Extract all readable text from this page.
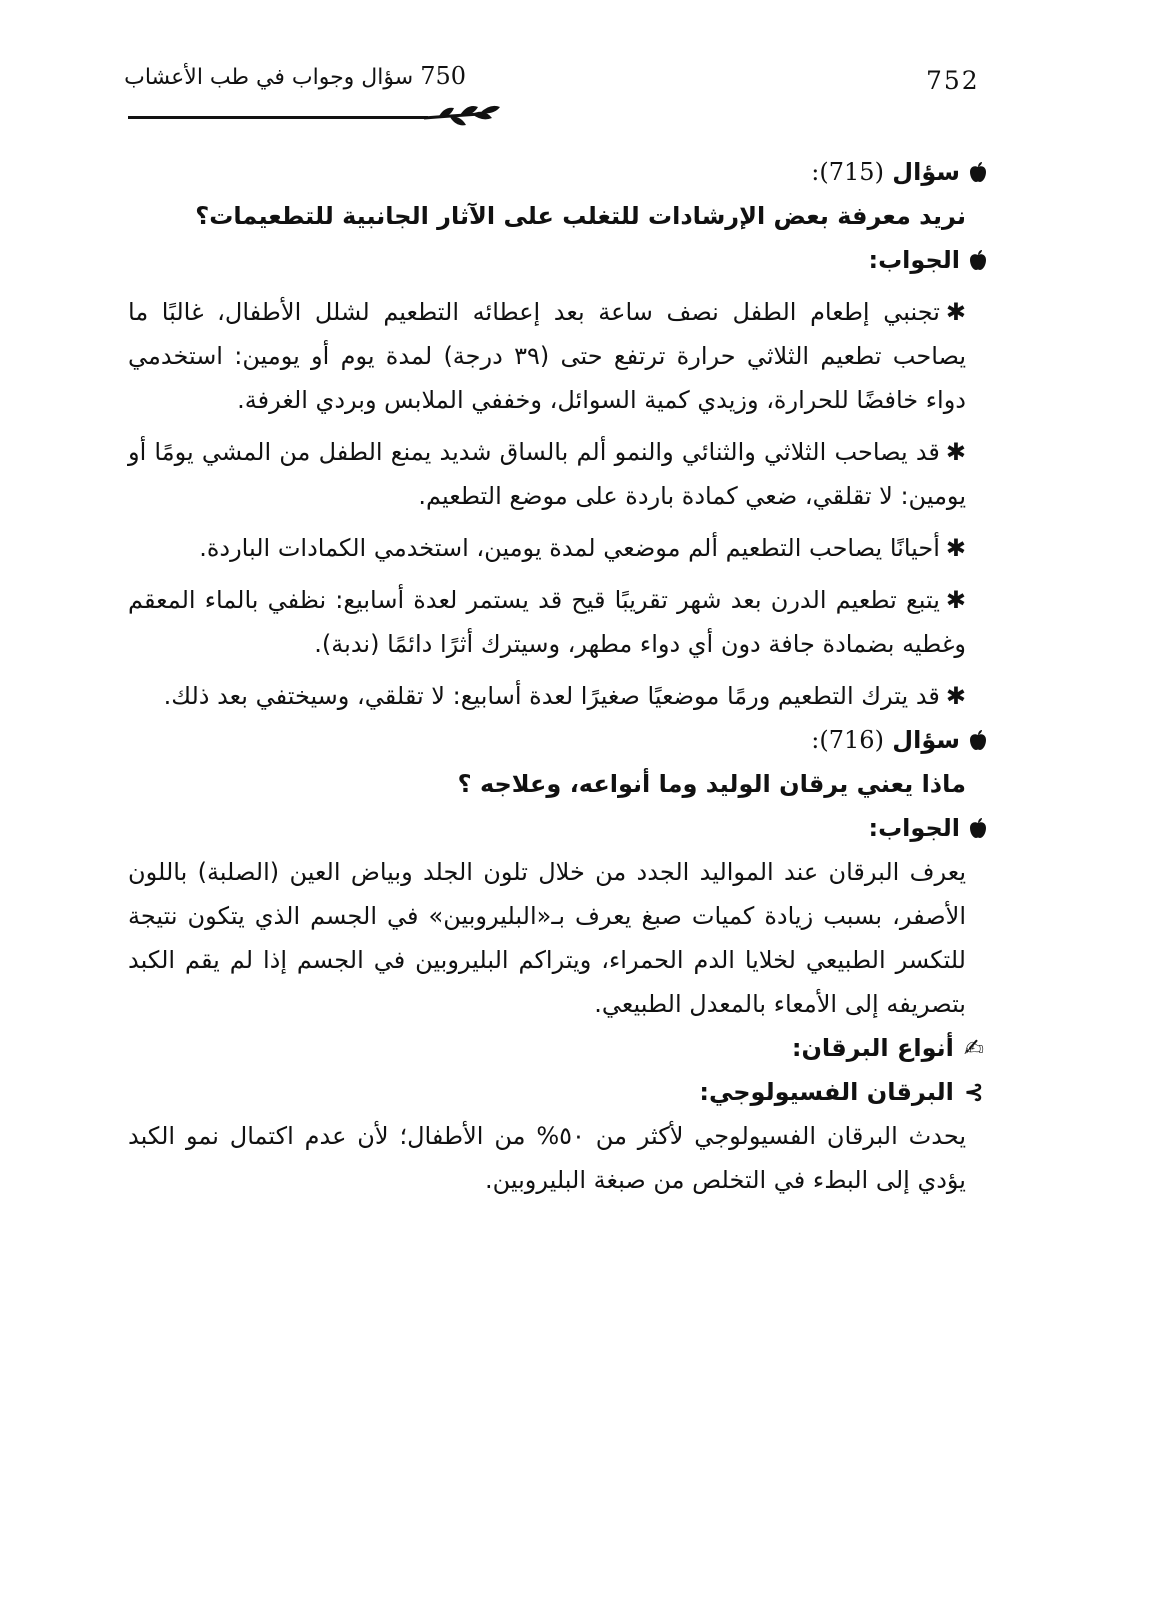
752
750 سؤال وجواب في طب الأعشاب

سؤال (715):

نريد معرفة بعض الإرشادات للتغلب على الآثار الجانبية للتطعيمات؟

الجواب:

✱تجنبي إطعام الطفل نصف ساعة بعد إعطائه التطعيم لشلل الأطفال، غالبًا ما يصاحب تطعيم الثلاثي حرارة ترتفع حتى (٣٩ درجة) لمدة يوم أو يومين: استخدمي دواء خافضًا للحرارة، وزيدي كمية السوائل، وخففي الملابس وبردي الغرفة.

✱قد يصاحب الثلاثي والثنائي والنمو ألم بالساق شديد يمنع الطفل من المشي يومًا أو يومين: لا تقلقي، ضعي كمادة باردة على موضع التطعيم.

✱أحيانًا يصاحب التطعيم ألم موضعي لمدة يومين، استخدمي الكمادات الباردة.

✱يتبع تطعيم الدرن بعد شهر تقريبًا قيح قد يستمر لعدة أسابيع: نظفي بالماء المعقم وغطيه بضمادة جافة دون أي دواء مطهر، وسيترك أثرًا دائمًا (ندبة).

✱قد يترك التطعيم ورمًا موضعيًا صغيرًا لعدة أسابيع: لا تقلقي، وسيختفي بعد ذلك.

سؤال (716):

ماذا يعني يرقان الوليد وما أنواعه، وعلاجه ؟

الجواب:

يعرف البرقان عند المواليد الجدد من خلال تلون الجلد وبياض العين (الصلبة) باللون الأصفر، بسبب زيادة كميات صبغ يعرف بـ«البليروبين» في الجسم الذي يتكون نتيجة للتكسر الطبيعي لخلايا الدم الحمراء، ويتراكم البليروبين في الجسم إذا لم يقم الكبد بتصريفه إلى الأمعاء بالمعدل الطبيعي.

✍أنواع البرقان:

⊱البرقان الفسيولوجي:

يحدث البرقان الفسيولوجي لأكثر من ٥٠% من الأطفال؛ لأن عدم اكتمال نمو الكبد يؤدي إلى البطء في التخلص من صبغة البليروبين.
